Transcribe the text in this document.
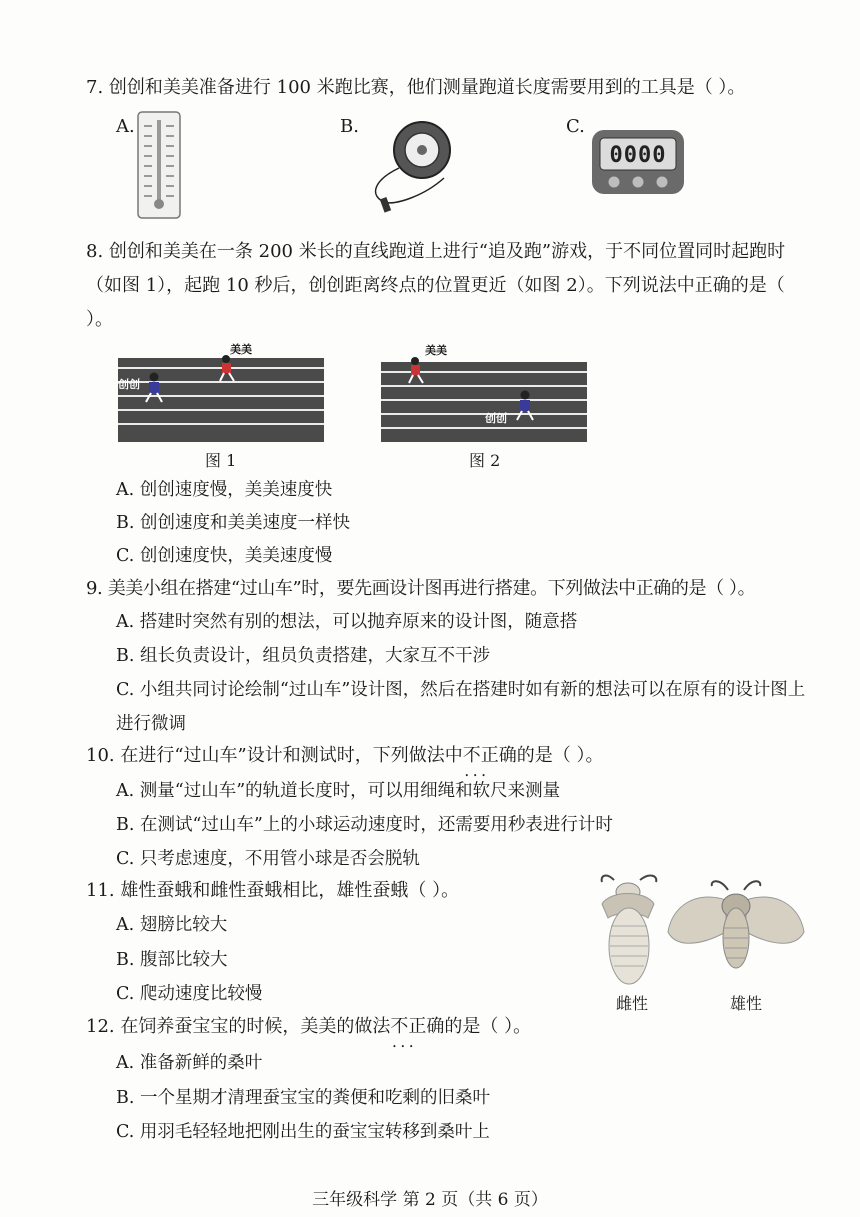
7. 创创和美美准备进行 100 米跑比赛，他们测量跑道长度需要用到的工具是（ ）。
A.	B.	C.
0000
8. 创创和美美在一条 200 米长的直线跑道上进行“追及跑”游戏，于不同位置同时起跑时（如图 1），起跑 10 秒后，创创距离终点的位置更近（如图 2）。下列说法中正确的是（ ）。
美美
创创
图 1
美美
创创
图 2
A. 创创速度慢，美美速度快
B. 创创速度和美美速度一样快
C. 创创速度快，美美速度慢
9. 美美小组在搭建“过山车”时，要先画设计图再进行搭建。下列做法中正确的是（ ）。
A. 搭建时突然有别的想法，可以抛弃原来的设计图，随意搭
B. 组长负责设计，组员负责搭建，大家互不干涉
C. 小组共同讨论绘制“过山车”设计图，然后在搭建时如有新的想法可以在原有的设计图上进行微调
10. 在进行“过山车”设计和测试时，下列做法中不正确 • • •的是（ ）。
A. 测量“过山车”的轨道长度时，可以用细绳和软尺来测量
B. 在测试“过山车”上的小球运动速度时，还需要用秒表进行计时
C. 只考虑速度，不用管小球是否会脱轨
11. 雄性蚕蛾和雌性蚕蛾相比，雄性蚕蛾（ ）。
A. 翅膀比较大
B. 腹部比较大
C. 爬动速度比较慢	雌性	雄性
12. 在饲养蚕宝宝的时候，美美的做法不正确 • • •的是（ ）。
A. 准备新鲜的桑叶
B. 一个星期才清理蚕宝宝的粪便和吃剩的旧桑叶
C. 用羽毛轻轻地把刚出生的蚕宝宝转移到桑叶上
三年级科学 第 2 页（共 6 页）
